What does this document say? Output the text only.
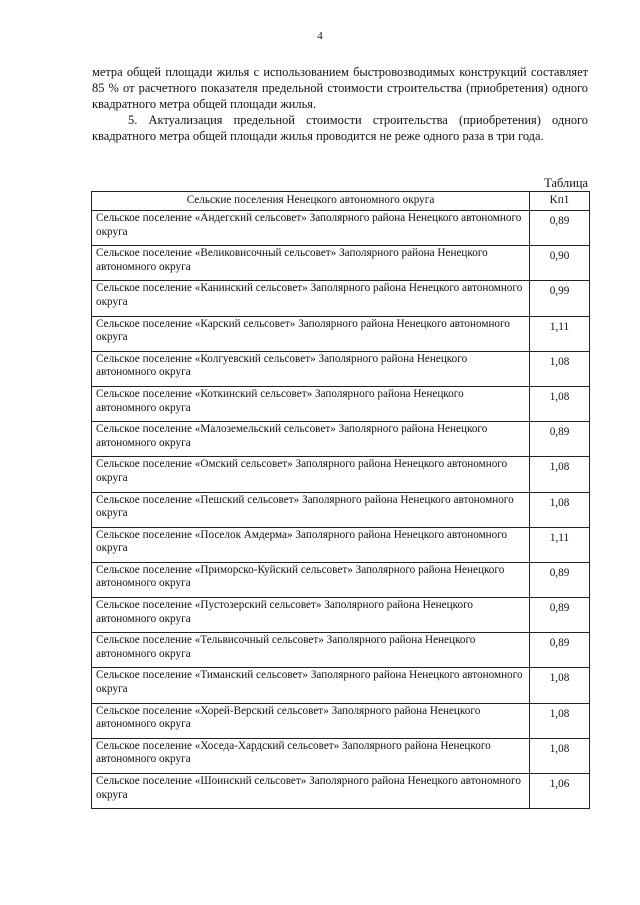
4

метра общей площади жилья с использованием быстровозводимых конструкций составляет 85 % от расчетного показателя предельной стоимости строительства (приобретения) одного квадратного метра общей площади жилья.

5. Актуализация предельной стоимости строительства (приобретения) одного квадратного метра общей площади жилья проводится не реже одного раза в три года.

Таблица
Сельские поселения Ненецкого автономного округа	Kп1
Сельское поселение «Андегский сельсовет» Заполярного района Ненецкого автономного округа	0,89
Сельское поселение «Великовисочный сельсовет» Заполярного района Ненецкого автономного округа	0,90
Сельское поселение «Канинский сельсовет» Заполярного района Ненецкого автономного округа	0,99
Сельское поселение «Карский сельсовет» Заполярного района Ненецкого автономного округа	1,11
Сельское поселение «Колгуевский сельсовет» Заполярного района Ненецкого автономного округа	1,08
Сельское поселение «Коткинский сельсовет» Заполярного района Ненецкого автономного округа	1,08
Сельское поселение «Малоземельский сельсовет» Заполярного района Ненецкого автономного округа	0,89
Сельское поселение «Омский сельсовет» Заполярного района Ненецкого автономного округа	1,08
Сельское поселение «Пешский сельсовет» Заполярного района Ненецкого автономного округа	1,08
Сельское поселение «Поселок Амдерма» Заполярного района Ненецкого автономного округа	1,11
Сельское поселение «Приморско-Куйский сельсовет» Заполярного района Ненецкого автономного округа	0,89
Сельское поселение «Пустозерский сельсовет» Заполярного района Ненецкого автономного округа	0,89
Сельское поселение «Тельвисочный сельсовет» Заполярного района Ненецкого автономного округа	0,89
Сельское поселение «Тиманский сельсовет» Заполярного района Ненецкого автономного округа	1,08
Сельское поселение «Хорей-Верский сельсовет» Заполярного района Ненецкого автономного округа	1,08
Сельское поселение «Хоседа-Хардский сельсовет» Заполярного района Ненецкого автономного округа	1,08
Сельское поселение «Шоинский сельсовет» Заполярного района Ненецкого автономного округа	1,06
